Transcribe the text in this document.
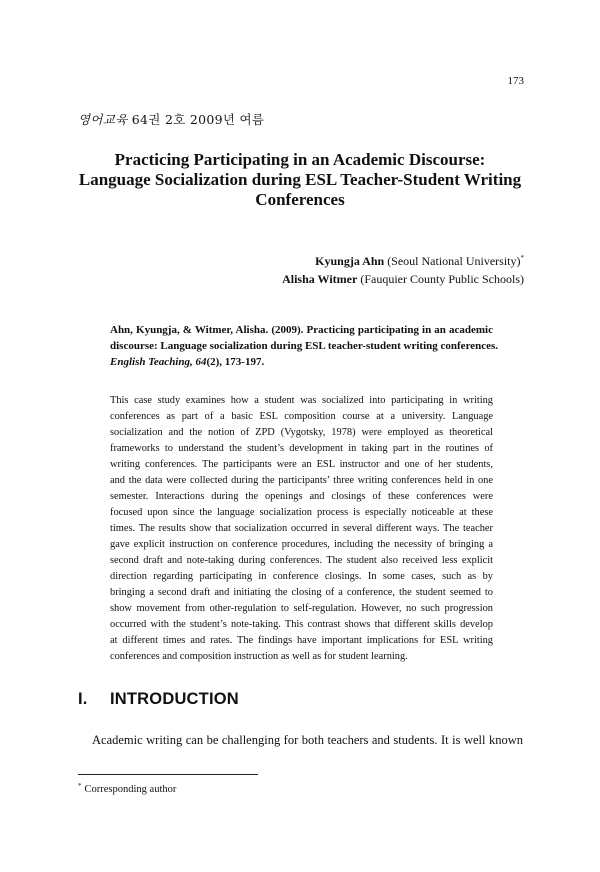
173
영어교육 64권 2호 2009년 여름
Practicing Participating in an Academic Discourse:
Language Socialization during ESL Teacher-Student Writing
Conferences
Kyungja Ahn (Seoul National University)*
Alisha Witmer (Fauquier County Public Schools)
Ahn, Kyungja, & Witmer, Alisha. (2009). Practicing participating in an academic
discourse: Language socialization during ESL teacher-student writing conferences.
English Teaching, 64(2), 173-197.
This case study examines how a student was socialized into participating in writing
conferences as part of a basic ESL composition course at a university. Language
socialization and the notion of ZPD (Vygotsky, 1978) were employed as theoretical
frameworks to understand the student’s development in taking part in the routines of
writing conferences. The participants were an ESL instructor and one of her students,
and the data were collected during the participants’ three writing conferences held in one
semester. Interactions during the openings and closings of these conferences were
focused upon since the language socialization process is especially noticeable at these
times. The results show that socialization occurred in several different ways. The teacher
gave explicit instruction on conference procedures, including the necessity of bringing a
second draft and note-taking during conferences. The student also received less explicit
direction regarding participating in conference closings. In some cases, such as by
bringing a second draft and initiating the closing of a conference, the student seemed to
show movement from other-regulation to self-regulation. However, no such progression
occurred with the student’s note-taking. This contrast shows that different skills develop
at different times and rates. The findings have important implications for ESL writing
conferences and composition instruction as well as for student learning.
I. INTRODUCTION
Academic writing can be challenging for both teachers and students. It is well known
* Corresponding author
